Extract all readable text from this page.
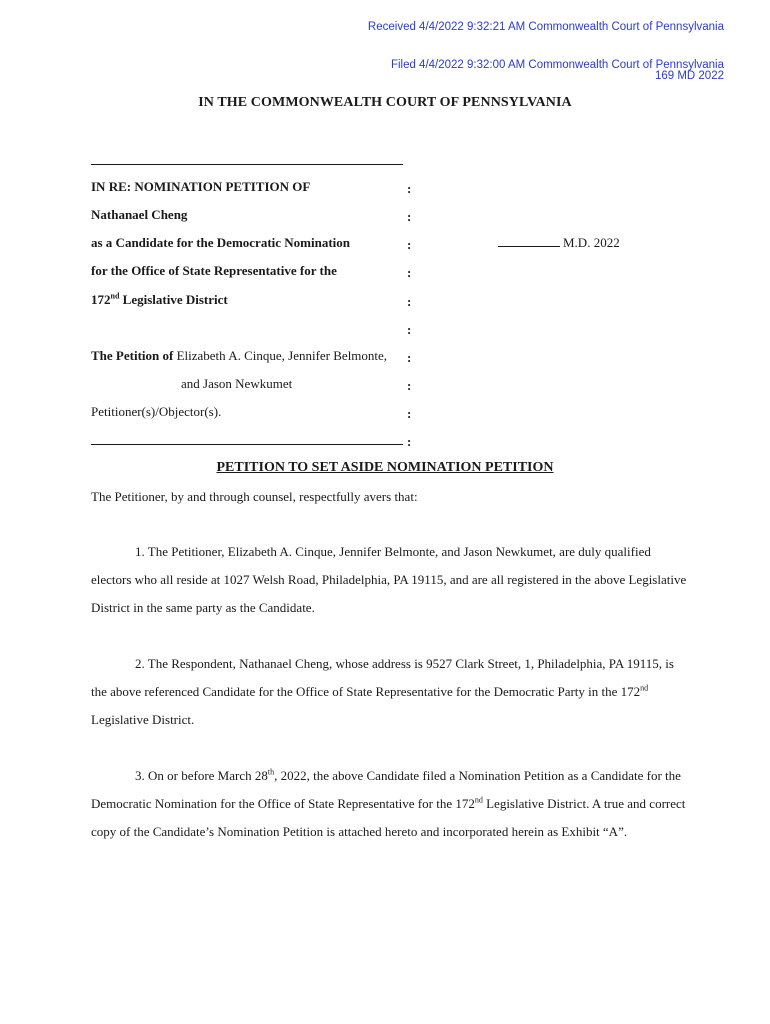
Received 4/4/2022 9:32:21 AM Commonwealth Court of Pennsylvania
Filed 4/4/2022 9:32:00 AM Commonwealth Court of Pennsylvania
169 MD 2022
IN THE COMMONWEALTH COURT OF PENNSYLVANIA
IN RE: NOMINATION PETITION OF	:
Nathanael Cheng	:
as a Candidate for the Democratic Nomination	:	M.D. 2022
for the Office of State Representative for the	:
172nd Legislative District	:
:
The Petition of Elizabeth A. Cinque, Jennifer Belmonte, :
and Jason Newkumet	:
Petitioner(s)/Objector(s).	:
:
PETITION TO SET ASIDE NOMINATION PETITION
The Petitioner, by and through counsel, respectfully avers that:
1. The Petitioner, Elizabeth A. Cinque, Jennifer Belmonte, and Jason Newkumet, are duly qualified electors who all reside at 1027 Welsh Road, Philadelphia, PA 19115, and are all registered in the above Legislative District in the same party as the Candidate.
2. The Respondent, Nathanael Cheng, whose address is 9527 Clark Street, 1, Philadelphia, PA 19115, is the above referenced Candidate for the Office of State Representative for the Democratic Party in the 172nd Legislative District.
3. On or before March 28th, 2022, the above Candidate filed a Nomination Petition as a Candidate for the Democratic Nomination for the Office of State Representative for the 172nd Legislative District. A true and correct copy of the Candidate’s Nomination Petition is attached hereto and incorporated herein as Exhibit “A”.
